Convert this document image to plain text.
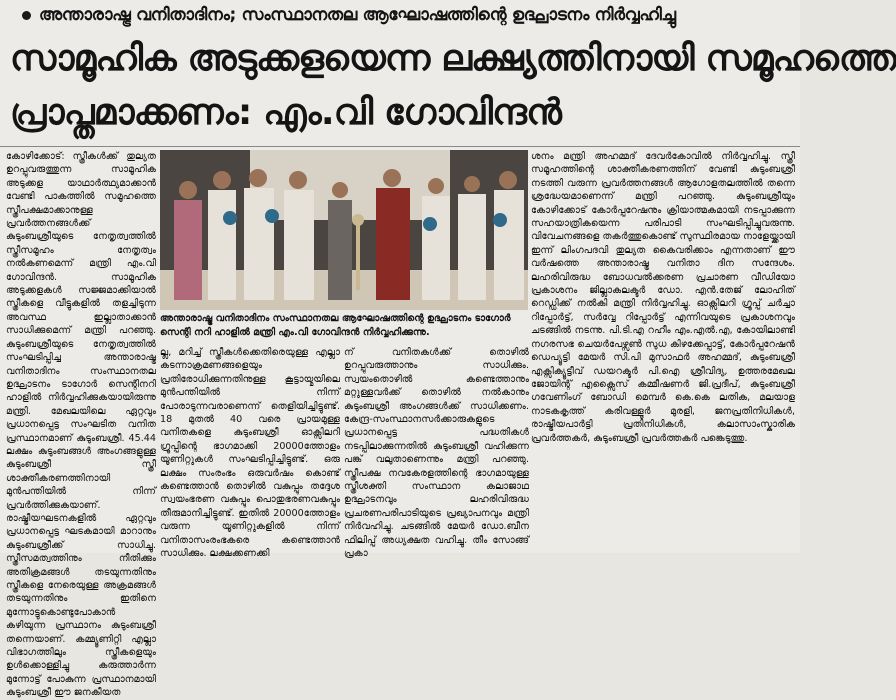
അന്താരാഷ്ട്ര വനിതാദിനം; സംസ്ഥാനതല ആഘോഷത്തിന്റെ ഉദ്ഘാടനം നിർവ്വഹിച്ചു
സാമൂഹിക അടുക്കളയെന്ന ലക്ഷ്യത്തിനായി സമൂഹത്തെ
പ്രാപ്തമാക്കണം: എം.വി ഗോവിന്ദൻ

കോഴിക്കോട്: സ്ത്രീകൾക്ക് തുല്യത ഉറപ്പുവരുത്തുന്ന സാമൂഹിക അടുക്കള യാഥാർത്ഥ്യമാക്കാൻ വേണ്ടി പാകത്തിൽ സമൂഹത്തെ സ്ത്രീപക്ഷമാക്കാനുള്ള പ്രവർത്തനങ്ങൾക്ക് കുടുംബശ്രീയുടെ നേതൃത്വത്തിൽ സ്ത്രീസമൂഹം നേതൃത്വം നൽകണമെന്ന് മന്ത്രി എം.വി ഗോവിന്ദൻ. സാമൂഹിക അടുക്കളകൾ സജ്ജമാക്കിയാൽ സ്ത്രീകളെ വീട്ടുകളിൽ തളച്ചിടുന്ന അവസ്ഥ ഇല്ലാതാക്കാൻ സാധിക്കുമെന്ന് മന്ത്രി പറഞ്ഞു. കുടുംബശ്രീയുടെ നേതൃത്വത്തിൽ സംഘടിപ്പിച്ച അന്താരാഷ്ട്ര വനിതാദിനം സംസ്ഥാനതല ഉദ്ഘാടനം ടാഗോർ സെന്റിനറി ഹാളിൽ നിർവ്വഹിക്കുകയായിരുന്നു മന്ത്രി. മേഖലയിലെ ഏറ്റവും പ്രധാനപ്പെട്ട സംഘടിത വനിത പ്രസ്ഥാനമാണ് കുടുംബശ്രീ. 45.44 ലക്ഷം കുടുംബങ്ങൾ അംഗങ്ങളുള്ള കുടുംബശ്രീ സ്ത്രീ ശാക്തീകരണത്തിനായി മുൻപന്തിയിൽ നിന്ന് പ്രവർത്തിക്കുകയാണ്. രാഷ്ട്രീയഘടനകളിൽ ഏറ്റവും പ്രധാനപ്പെട്ട ഘടകമായി മാറാനും കുടുംബശ്രീക്ക് സാധിച്ചു. സ്ത്രീസമത്വത്തിനും നീതിക്കും അതിക്രമങ്ങൾ തടയുന്നതിനും സ്ത്രീകളെ നേരെയുള്ള അക്രമങ്ങൾ തടയുന്നതിനും ഇതിനെ മുന്നോട്ടുകൊണ്ടുപോകാൻ കഴിയുന്ന പ്രസ്ഥാനം കുടുംബശ്രീ തന്നെയാണ്. കമ്മ്യൂണിറ്റി എല്ലാ വിഭാഗത്തിലും സ്ത്രീകളെയും ഉൾക്കൊള്ളിച്ചു കരുത്താർന്ന മുന്നോട്ട് പോകുന്ന പ്രസ്ഥാനമായി കുടുംബശ്രീ ഈ ജനകീയത

അന്താരാഷ്ട്ര വനിതാദിനം സംസ്ഥാനതല ആഘോഷത്തിന്റെ ഉദ്ഘാടനം ടാഗോർ സെന്റി നറി ഹാളിൽ മന്ത്രി എം.വി ഗോവിന്ദൻ നിർവ്വഹിക്കുന്നു.

ല്ല, മറിച്ച് സ്ത്രീകൾക്കെതിരെയുള്ള എല്ലാ കടന്നാക്രമണങ്ങളെയും പ്രതിരോധിക്കുന്നതിനുള്ള കൂട്ടായ്മയിലെ മുൻപന്തിയിൽ നിന്ന് പോരാടുന്നവരാണെന്ന് തെളിയിച്ചിട്ടുണ്ട്. 18 മുതൽ 40 വരെ പ്രായമുള്ള വനിതകളെ കുടുംബശ്രീ ഓക്സിലറി ഗ്രൂപ്പിന്റെ ഭാഗമാക്കി 20000ത്തോളം യൂണിറ്റുകൾ സംഘടിപ്പിച്ചിട്ടുണ്ട്. ഒരു ലക്ഷം സംരംഭം ഒരുവർഷം കൊണ്ട് കണ്ടെത്താൻ തൊഴിൽ വകുപ്പും തദ്ദേശ സ്വയംഭരണ വകുപ്പും പൊതുഭരണവകുപ്പും തീരുമാനിച്ചിട്ടുണ്ട്. ഇതിൽ 20000ത്തോളം വരുന്ന യൂണിറ്റുകളിൽ നിന്ന് വനിതാസംരംഭകരെ കണ്ടെത്താൻ സാധിക്കും. ലക്ഷക്കണക്കി

ന് വനിതകൾക്ക് തൊഴിൽ ഉറപ്പുവരുത്താനും സാധിക്കും. സ്വയംതൊഴിൽ കണ്ടെത്താനും മറ്റുള്ളവർക്ക് തൊഴിൽ നൽകാനും കുടുംബശ്രീ അംഗങ്ങൾക്ക് സാധിക്കണം. കേന്ദ്ര-സംസ്ഥാനസർക്കാരുകളുടെ പ്രധാനപ്പെട്ട പദ്ധതികൾ നടപ്പിലാക്കുന്നതിൽ കുടുംബശ്രീ വഹിക്കുന്ന പങ്ക് വലുതാണെന്നും മന്ത്രി പറഞ്ഞു. സ്ത്രീപക്ഷ നവകേരളത്തിന്റെ ഭാഗമായുള്ള സ്ത്രീശക്തി സംസ്ഥാന കലാജാഥ ഉദ്ഘാടനവും ലഹരിവിരുദ്ധ പ്രചരണപരിപാടിയുടെ പ്രഖ്യാപനവും മന്ത്രി നിർവഹിച്ചു. ചടങ്ങിൽ മേയർ ഡോ.ബീന ഫിലിപ്പ് അധ്യക്ഷത വഹിച്ചു. തീം സോങ്ങ് പ്രകാ

ശനം മന്ത്രി അഹമ്മദ് ദേവർകോവിൽ നിർവ്വഹിച്ചു. സ്ത്രീ സമൂഹത്തിന്റെ ശാക്തീകരണത്തിന് വേണ്ടി കുടുംബശ്രീ നടത്തി വരുന്ന പ്രവർത്തനങ്ങൾ ആഗോളതലത്തിൽ തന്നെ ശ്രദ്ധേയമാണെന്ന് മന്ത്രി പറഞ്ഞു. കുടുംബശ്രീയും കോഴിക്കോട് കോർപ്പറേഷനും ക്രിയാത്മകമായി നടപ്പാക്കുന്ന സഹയാത്രികയെന്ന പരിപാടി സംഘടിപ്പിച്ചുവരുന്നു. വിവേചനങ്ങളെ തകർത്തുകൊണ്ട് സുസ്ഥിരമായ നാളേയ്ക്കായി ഇന്ന് ലിംഗപദവി തുല്യത കൈവരിക്കാം എന്നതാണ് ഈ വർഷത്തെ അന്താരാഷ്ട്ര വനിതാ ദിന സന്ദേശം. ലഹരിവിരുദ്ധ ബോധവൽക്കരണ പ്രചാരണ വീഡിയോ പ്രകാശനം ജില്ലാകലക്ടർ ഡോ. എൻ.തേജ് ലോഹിത് റെഡ്ഡിക്ക് നൽകി മന്ത്രി നിർവ്വഹിച്ചു. ഓക്സിലറി ഗ്രൂപ്പ് ചർച്ചാ റിപ്പോർട്ട്, സർവ്വേ റിപ്പോർട്ട് എന്നിവയുടെ പ്രകാശനവും ചടങ്ങിൽ നടന്നു. പി.ടി.എ റഹീം എം.എൽ.എ, കോയിലാണ്ടി നഗരസഭ ചെയർപേഴ്സൺ സുധ കിഴക്കേപ്പാട്ട്, കോർപ്പറേഷൻ ഡെപ്യൂട്ടി മേയർ സി.പി മുസാഫർ അഹമ്മദ്, കുടുംബശ്രീ എക്സിക്യൂട്ടീവ് ഡയറക്ടർ പി.ഐ ശ്രീവിദ്യ, ഉത്തരമേഖല ജോയിന്റ് എക്സൈസ് കമ്മീഷണർ ജി.പ്രദീപ്, കുടുംബശ്രീ ഗവേണിംഗ് ബോഡി മെമ്പർ കെ.കെ ലതിക, മലയാള നാടകകൃത്ത് കരിവള്ളൂർ മുരളി, ജനപ്രതിനിധികൾ, രാഷ്ട്രീയപാർട്ടി പ്രതിനിധികൾ, കലാസാംസ്കാരിക പ്രവർത്തകർ, കുടുംബശ്രീ പ്രവർത്തകർ പങ്കെടുത്തു.
